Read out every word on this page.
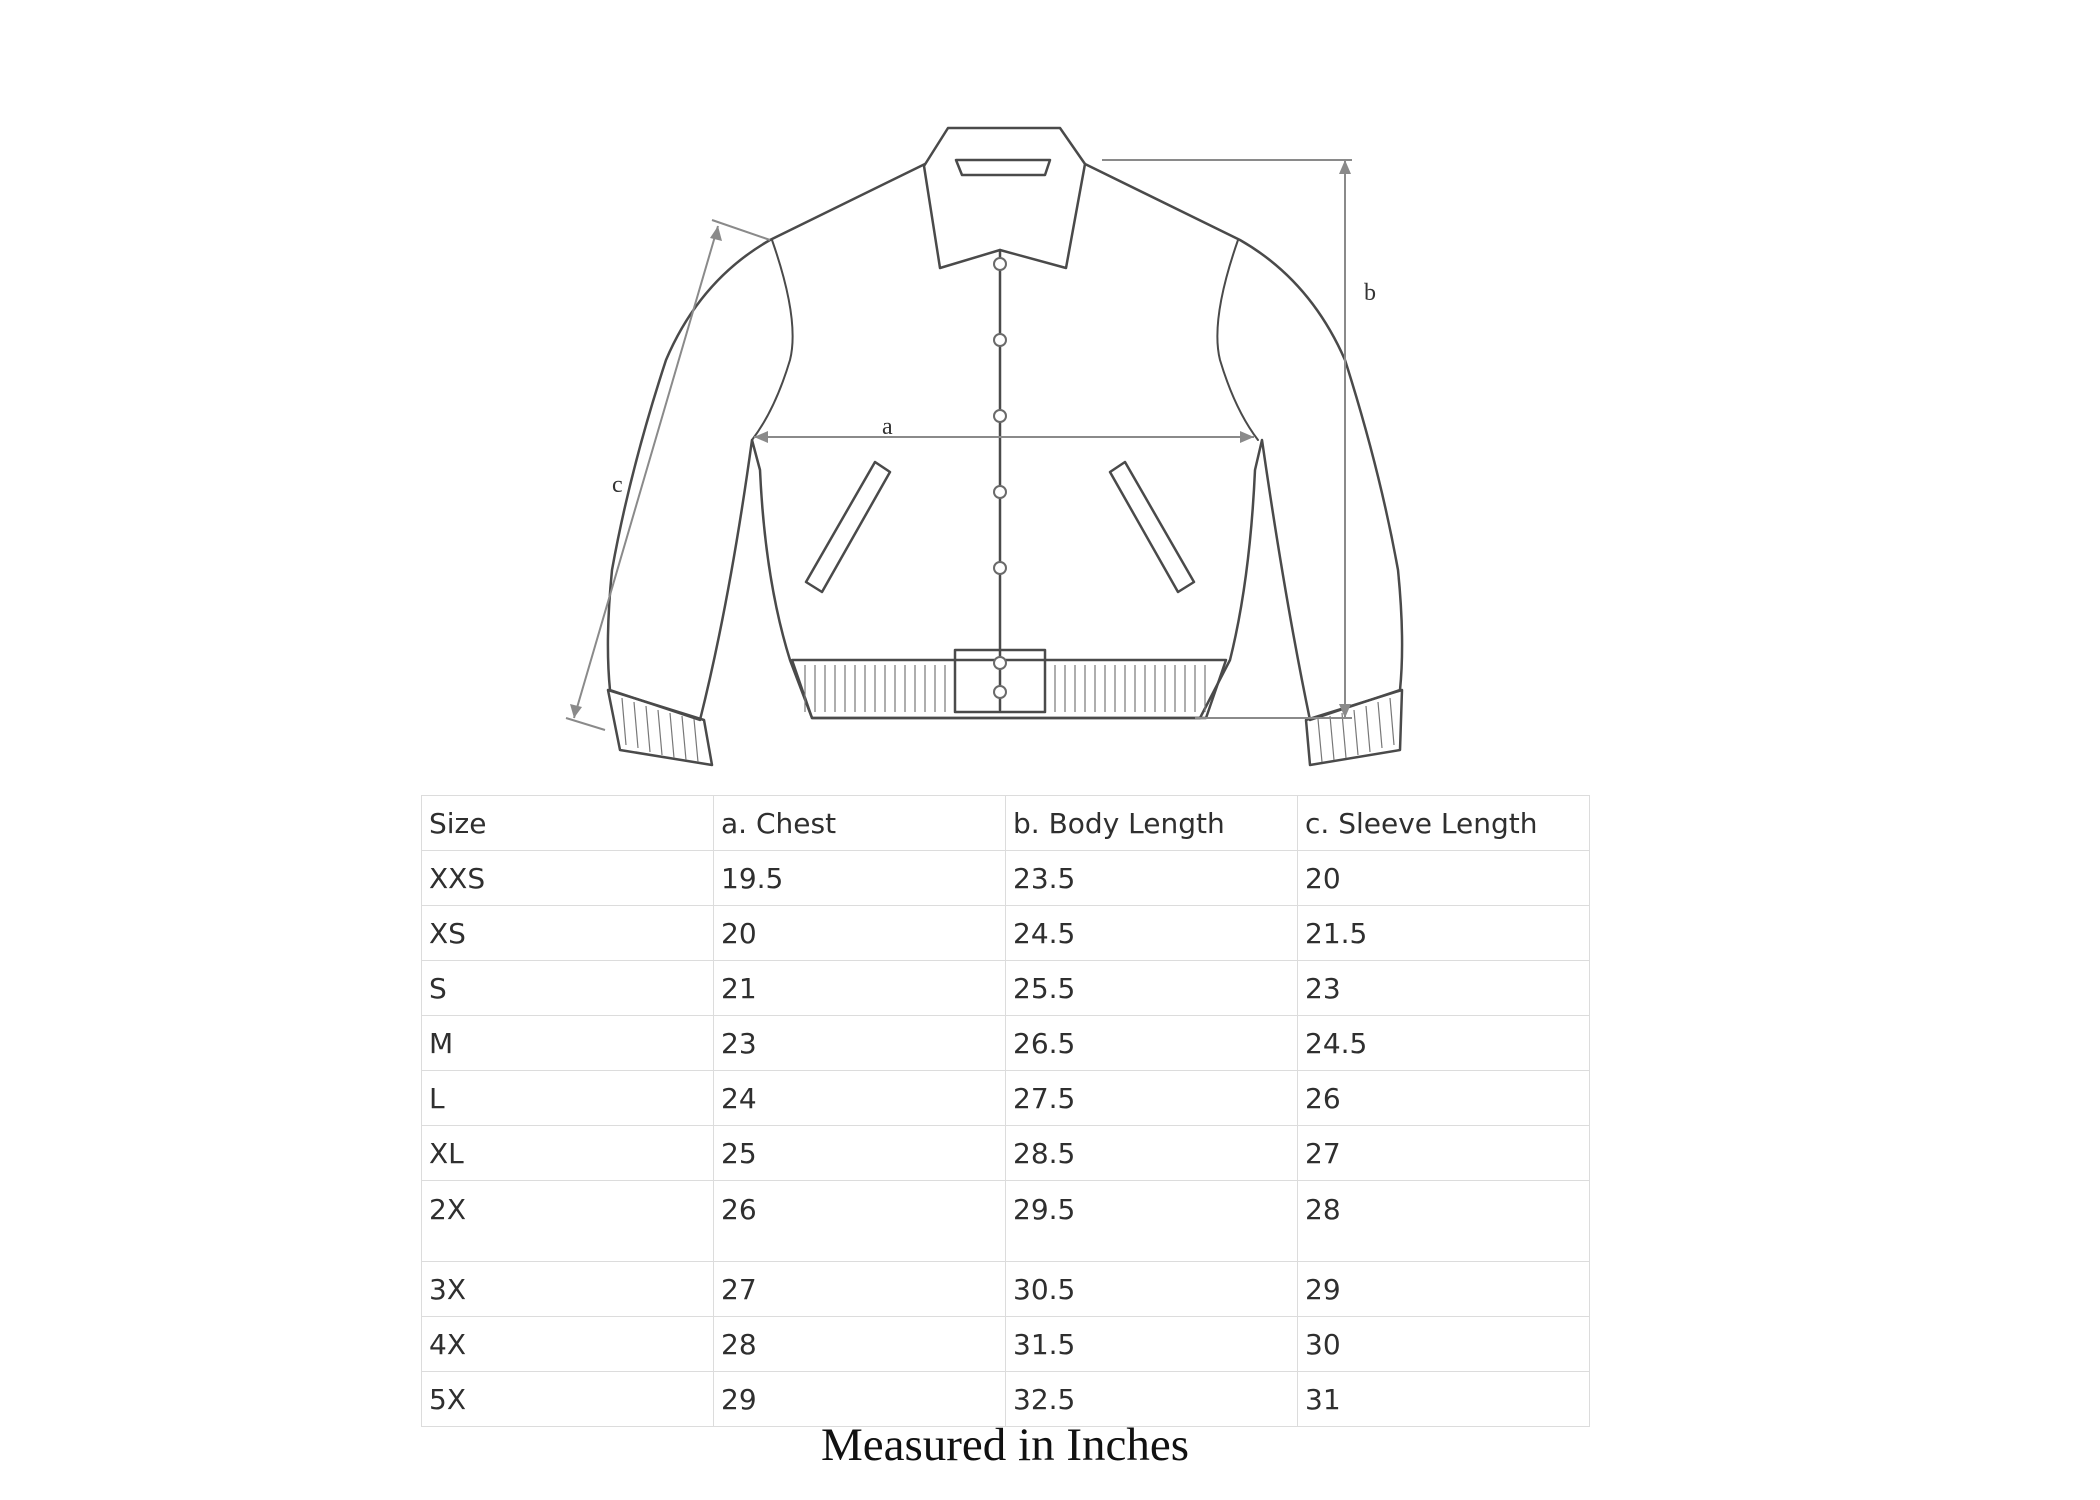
a
b
c
Size	a. Chest	b. Body Length	c. Sleeve Length
XXS	19.5	23.5	20
XS	20	24.5	21.5
S	21	25.5	23
M	23	26.5	24.5
L	24	27.5	26
XL	25	28.5	27
2X	26	29.5	28
3X	27	30.5	29
4X	28	31.5	30
5X	29	32.5	31
Measured in Inches
